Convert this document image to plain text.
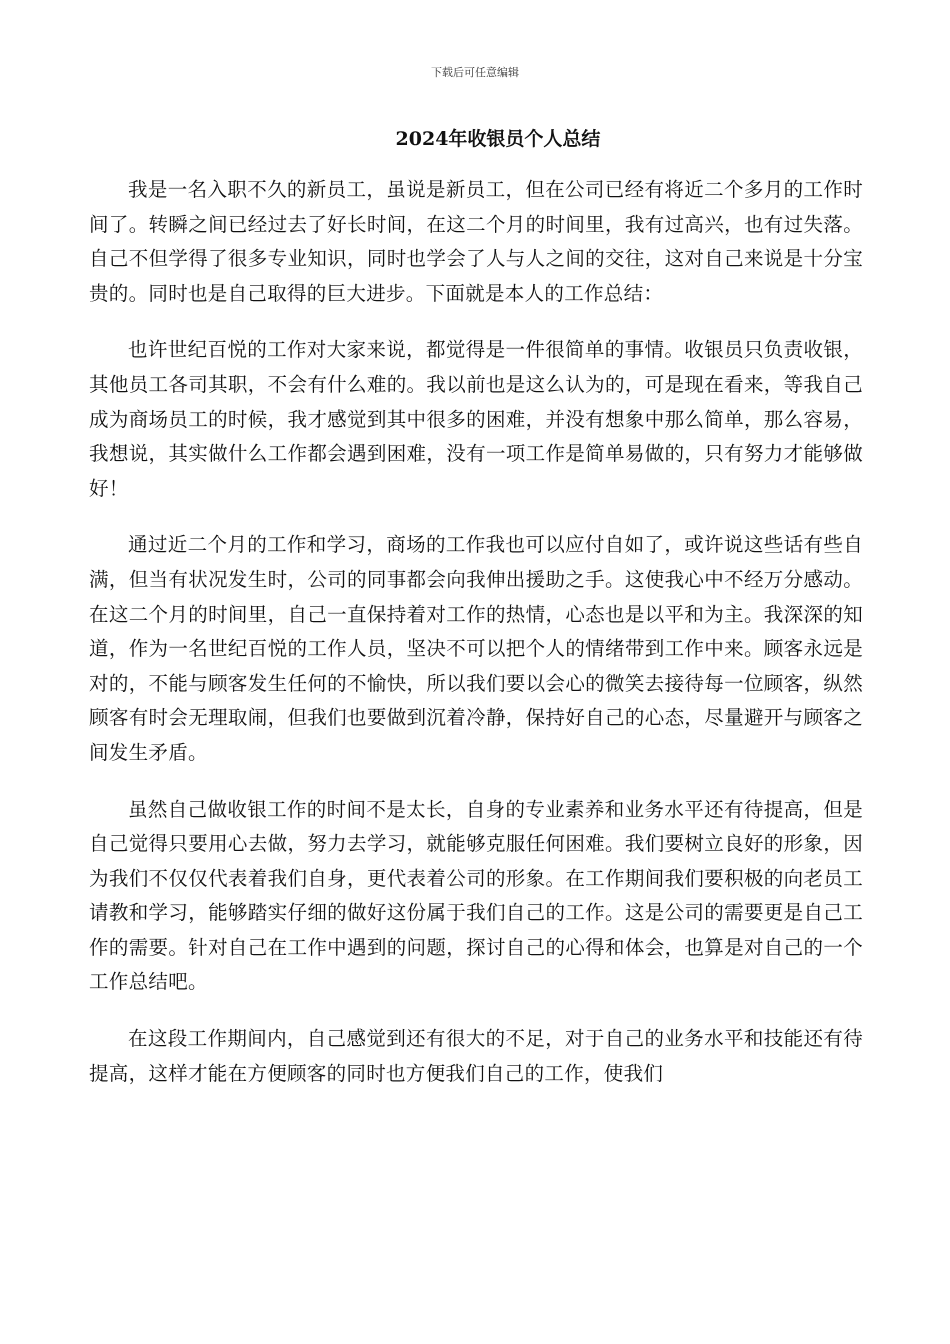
下载后可任意编辑
2024年收银员个人总结

我是一名入职不久的新员工，虽说是新员工，但在公司已经有将近二个多月的工作时间了。转瞬之间已经过去了好长时间，在这二个月的时间里，我有过高兴，也有过失落。自己不但学得了很多专业知识，同时也学会了人与人之间的交往，这对自己来说是十分宝贵的。同时也是自己取得的巨大进步。下面就是本人的工作总结：

也许世纪百悦的工作对大家来说，都觉得是一件很简单的事情。收银员只负责收银，其他员工各司其职，不会有什么难的。我以前也是这么认为的，可是现在看来，等我自己成为商场员工的时候，我才感觉到其中很多的困难，并没有想象中那么简单，那么容易，我想说，其实做什么工作都会遇到困难，没有一项工作是简单易做的，只有努力才能够做好！

通过近二个月的工作和学习，商场的工作我也可以应付自如了，或许说这些话有些自满，但当有状况发生时，公司的同事都会向我伸出援助之手。这使我心中不经万分感动。在这二个月的时间里，自己一直保持着对工作的热情，心态也是以平和为主。我深深的知道，作为一名世纪百悦的工作人员，坚决不可以把个人的情绪带到工作中来。顾客永远是对的，不能与顾客发生任何的不愉快，所以我们要以会心的微笑去接待每一位顾客，纵然顾客有时会无理取闹，但我们也要做到沉着冷静，保持好自己的心态，尽量避开与顾客之间发生矛盾。

虽然自己做收银工作的时间不是太长，自身的专业素养和业务水平还有待提高，但是自己觉得只要用心去做，努力去学习，就能够克服任何困难。我们要树立良好的形象，因为我们不仅仅代表着我们自身，更代表着公司的形象。在工作期间我们要积极的向老员工请教和学习，能够踏实仔细的做好这份属于我们自己的工作。这是公司的需要更是自己工作的需要。针对自己在工作中遇到的问题，探讨自己的心得和体会，也算是对自己的一个工作总结吧。

在这段工作期间内，自己感觉到还有很大的不足，对于自己的业务水平和技能还有待提高，这样才能在方便顾客的同时也方便我们自己的工作，使我们
